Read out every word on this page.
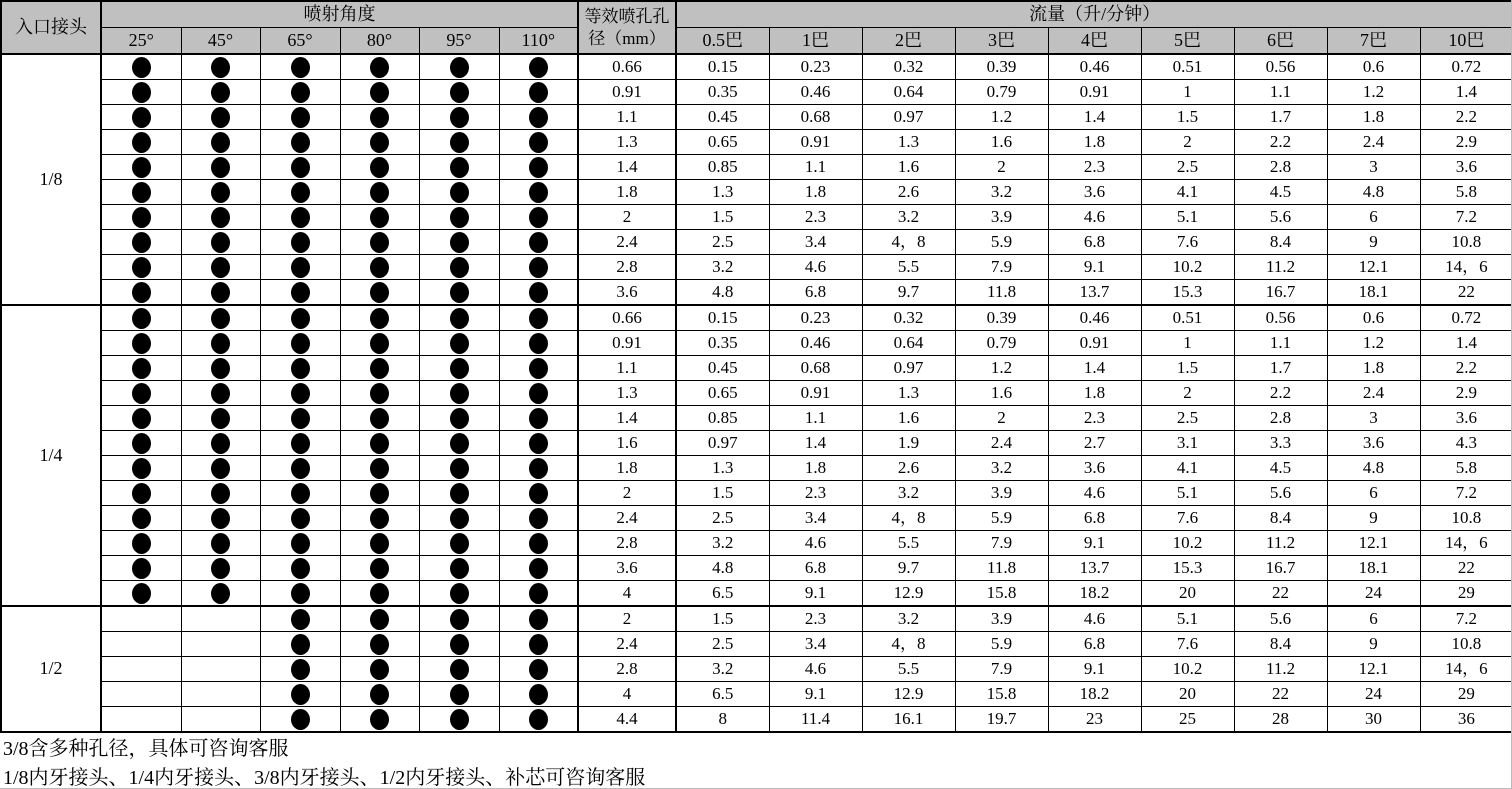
入口接头	喷射角度						等效喷孔孔
径（mm）	流量（升/分钟）								
	25°	45°	65°	80°	95°	110°		0.5巴	1巴	2巴	3巴	4巴	5巴	6巴	7巴	10巴
1/8							0.66	0.15	0.23	0.32	0.39	0.46	0.51	0.56	0.6	0.72
							0.91	0.35	0.46	0.64	0.79	0.91	1	1.1	1.2	1.4
							1.1	0.45	0.68	0.97	1.2	1.4	1.5	1.7	1.8	2.2
							1.3	0.65	0.91	1.3	1.6	1.8	2	2.2	2.4	2.9
							1.4	0.85	1.1	1.6	2	2.3	2.5	2.8	3	3.6
							1.8	1.3	1.8	2.6	3.2	3.6	4.1	4.5	4.8	5.8
							2	1.5	2.3	3.2	3.9	4.6	5.1	5.6	6	7.2
							2.4	2.5	3.4	4，8	5.9	6.8	7.6	8.4	9	10.8
							2.8	3.2	4.6	5.5	7.9	9.1	10.2	11.2	12.1	14，6
							3.6	4.8	6.8	9.7	11.8	13.7	15.3	16.7	18.1	22
1/4							0.66	0.15	0.23	0.32	0.39	0.46	0.51	0.56	0.6	0.72
							0.91	0.35	0.46	0.64	0.79	0.91	1	1.1	1.2	1.4
							1.1	0.45	0.68	0.97	1.2	1.4	1.5	1.7	1.8	2.2
							1.3	0.65	0.91	1.3	1.6	1.8	2	2.2	2.4	2.9
							1.4	0.85	1.1	1.6	2	2.3	2.5	2.8	3	3.6
							1.6	0.97	1.4	1.9	2.4	2.7	3.1	3.3	3.6	4.3
							1.8	1.3	1.8	2.6	3.2	3.6	4.1	4.5	4.8	5.8
							2	1.5	2.3	3.2	3.9	4.6	5.1	5.6	6	7.2
							2.4	2.5	3.4	4，8	5.9	6.8	7.6	8.4	9	10.8
							2.8	3.2	4.6	5.5	7.9	9.1	10.2	11.2	12.1	14，6
							3.6	4.8	6.8	9.7	11.8	13.7	15.3	16.7	18.1	22
							4	6.5	9.1	12.9	15.8	18.2	20	22	24	29
1/2							2	1.5	2.3	3.2	3.9	4.6	5.1	5.6	6	7.2
							2.4	2.5	3.4	4，8	5.9	6.8	7.6	8.4	9	10.8
							2.8	3.2	4.6	5.5	7.9	9.1	10.2	11.2	12.1	14，6
							4	6.5	9.1	12.9	15.8	18.2	20	22	24	29
							4.4	8	11.4	16.1	19.7	23	25	28	30	36
3/8含多种孔径，具体可咨询客服
1/8内牙接头、1/4内牙接头、3/8内牙接头、1/2内牙接头、补芯可咨询客服
